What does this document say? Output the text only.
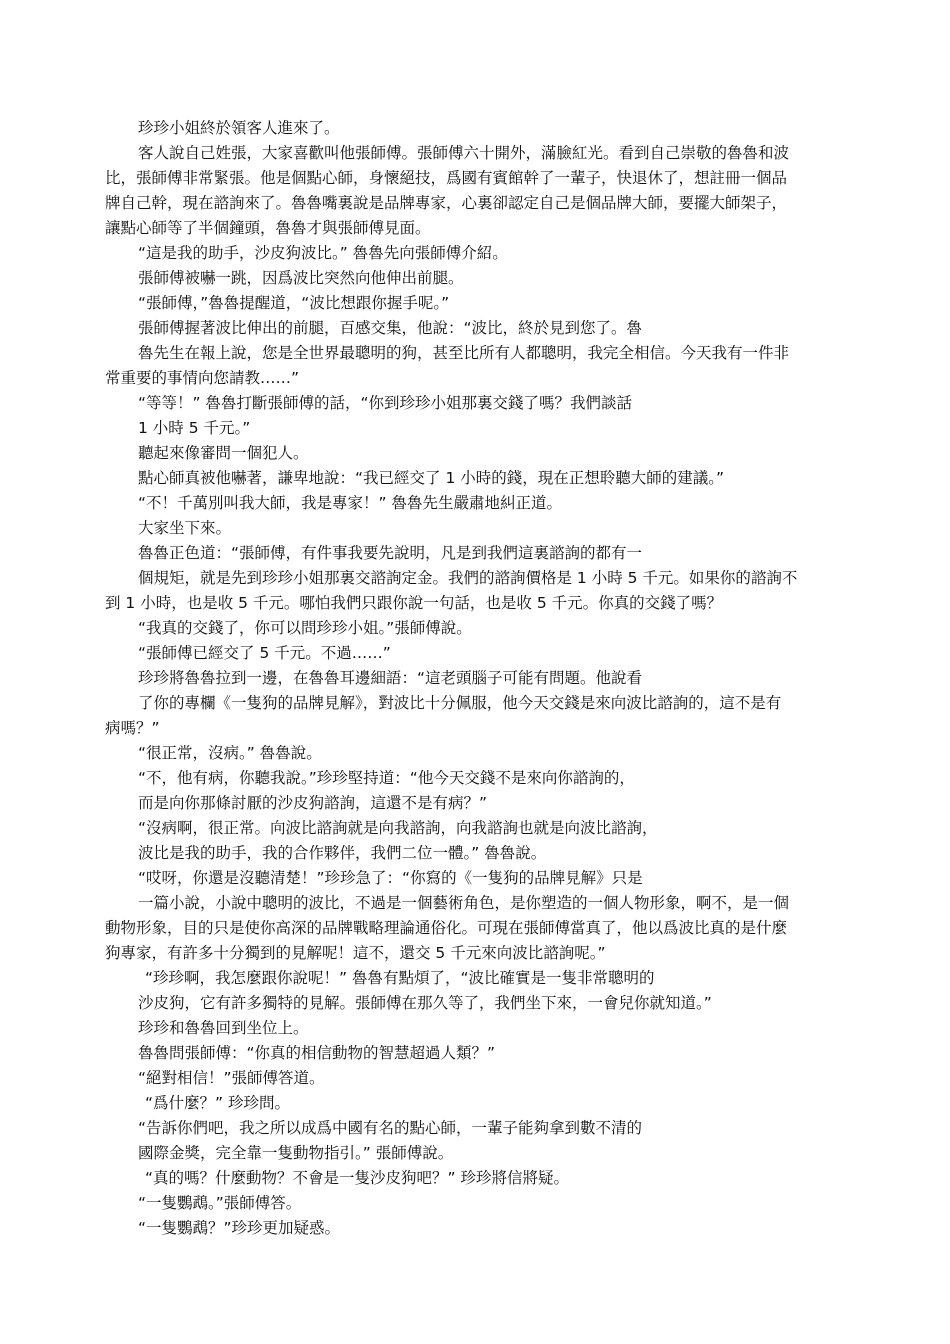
珍珍小姐終於領客人進來了。
客人說自己姓張，大家喜歡叫他張師傅。張師傅六十開外，滿臉紅光。看到自己崇敬的魯魯和波
比，張師傅非常緊張。他是個點心師，身懷絕技，爲國有賓館幹了一輩子，快退休了，想註冊一個品
牌自己幹，現在諮詢來了。魯魯嘴裏說是品牌專家，心裏卻認定自己是個品牌大師，要擺大師架子，
讓點心師等了半個鐘頭，魯魯才與張師傅見面。
“這是我的助手，沙皮狗波比。” 魯魯先向張師傅介紹。
張師傅被嚇一跳，因爲波比突然向他伸出前腿。
“張師傅，”魯魯提醒道，“波比想跟你握手呢。”
張師傅握著波比伸出的前腿，百感交集，他說：“波比，終於見到您了。魯
魯先生在報上說，您是全世界最聰明的狗，甚至比所有人都聰明，我完全相信。今天我有一件非
常重要的事情向您請教……”
“等等！” 魯魯打斷張師傅的話，“你到珍珍小姐那裏交錢了嗎？我們談話
1 小時 5 千元。”
聽起來像審問一個犯人。
點心師真被他嚇著，謙卑地說：“我已經交了 1 小時的錢，現在正想聆聽大師的建議。”
“不！千萬別叫我大師，我是專家！” 魯魯先生嚴肅地糾正道。
大家坐下來。
魯魯正色道：“張師傅，有件事我要先說明，凡是到我們這裏諮詢的都有一
個規矩，就是先到珍珍小姐那裏交諮詢定金。我們的諮詢價格是 1 小時 5 千元。如果你的諮詢不
到 1 小時，也是收 5 千元。哪怕我們只跟你說一句話，也是收 5 千元。你真的交錢了嗎？
“我真的交錢了，你可以問珍珍小姐。”張師傅說。
“張師傅已經交了 5 千元。不過……”
珍珍將魯魯拉到一邊，在魯魯耳邊細語：“這老頭腦子可能有問題。他說看
了你的專欄《一隻狗的品牌見解》，對波比十分佩服，他今天交錢是來向波比諮詢的，這不是有
病嗎？”
“很正常，沒病。” 魯魯說。
“不，他有病，你聽我說。”珍珍堅持道：“他今天交錢不是來向你諮詢的，
而是向你那條討厭的沙皮狗諮詢，這還不是有病？”
“沒病啊，很正常。向波比諮詢就是向我諮詢，向我諮詢也就是向波比諮詢，
波比是我的助手，我的合作夥伴，我們二位一體。” 魯魯說。
“哎呀，你還是沒聽清楚！”珍珍急了：“你寫的《一隻狗的品牌見解》只是
一篇小說，小說中聰明的波比，不過是一個藝術角色，是你塑造的一個人物形象，啊不，是一個
動物形象，目的只是使你高深的品牌戰略理論通俗化。可現在張師傅當真了，他以爲波比真的是什麼
狗專家，有許多十分獨到的見解呢！這不，還交 5 千元來向波比諮詢呢。”
“珍珍啊，我怎麼跟你說呢！” 魯魯有點煩了，“波比確實是一隻非常聰明的
沙皮狗，它有許多獨特的見解。張師傅在那久等了，我們坐下來，一會兒你就知道。”
珍珍和魯魯回到坐位上。
魯魯問張師傅：“你真的相信動物的智慧超過人類？”
“絕對相信！”張師傅答道。
“爲什麼？” 珍珍問。
“告訴你們吧，我之所以成爲中國有名的點心師，一輩子能夠拿到數不清的
國際金獎，完全靠一隻動物指引。” 張師傅說。
“真的嗎？什麼動物？不會是一隻沙皮狗吧？” 珍珍將信將疑。
“一隻鸚鵡。”張師傅答。
“一隻鸚鵡？”珍珍更加疑惑。
